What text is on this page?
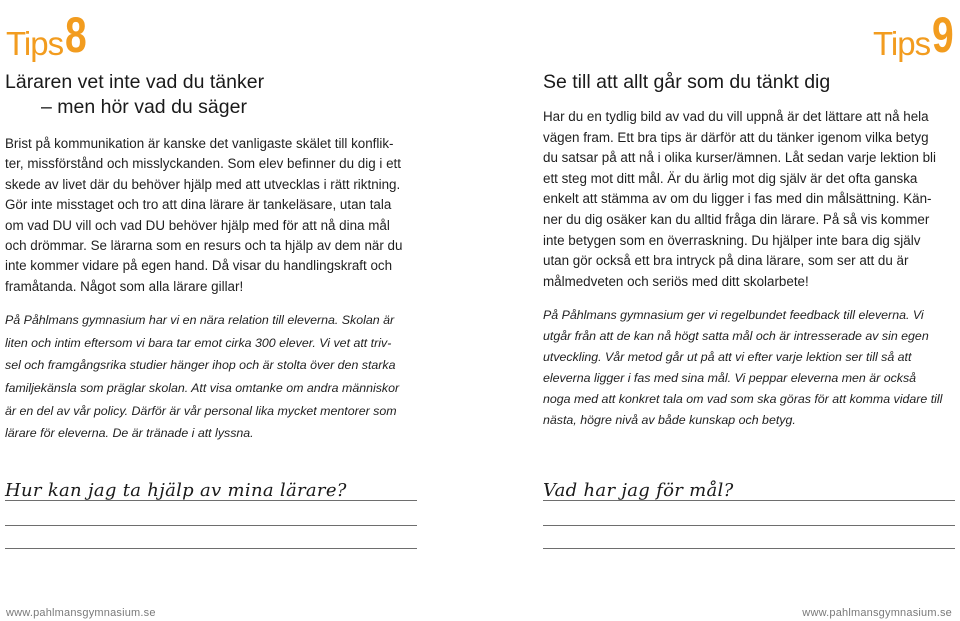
Tips 8	Tips 9
Läraren vet inte vad du tänker
– men hör vad du säger

Brist på kommunikation är kanske det vanligaste skälet till konflik-
ter, missförstånd och misslyckanden. Som elev befinner du dig i ett
skede av livet där du behöver hjälp med att utvecklas i rätt riktning.
Gör inte misstaget och tro att dina lärare är tankeläsare, utan tala
om vad DU vill och vad DU behöver hjälp med för att nå dina mål
och drömmar. Se lärarna som en resurs och ta hjälp av dem när du
inte kommer vidare på egen hand. Då visar du handlingskraft och
framåtanda. Något som alla lärare gillar!

På Påhlmans gymnasium har vi en nära relation till eleverna. Skolan är
liten och intim eftersom vi bara tar emot cirka 300 elever. Vi vet att triv-
sel och framgångsrika studier hänger ihop och är stolta över den starka
familjekänsla som präglar skolan. Att visa omtanke om andra människor
är en del av vår policy. Därför är vår personal lika mycket mentorer som
lärare för eleverna. De är tränade i att lyssna.

Se till att allt går som du tänkt dig

Har du en tydlig bild av vad du vill uppnå är det lättare att nå hela
vägen fram. Ett bra tips är därför att du tänker igenom vilka betyg
du satsar på att nå i olika kurser/ämnen. Låt sedan varje lektion bli
ett steg mot ditt mål. Är du ärlig mot dig själv är det ofta ganska
enkelt att stämma av om du ligger i fas med din målsättning. Kän-
ner du dig osäker kan du alltid fråga din lärare. På så vis kommer
inte betygen som en överraskning. Du hjälper inte bara dig själv
utan gör också ett bra intryck på dina lärare, som ser att du är
målmedveten och seriös med ditt skolarbete!

På Påhlmans gymnasium ger vi regelbundet feedback till eleverna. Vi
utgår från att de kan nå högt satta mål och är intresserade av sin egen
utveckling. Vår metod går ut på att vi efter varje lektion ser till så att
eleverna ligger i fas med sina mål. Vi peppar eleverna men är också
noga med att konkret tala om vad som ska göras för att komma vidare till
nästa, högre nivå av både kunskap och betyg.

Hur kan jag ta hjälp av mina lärare?	Vad har jag för mål?
www.pahlmansgymnasium.se	www.pahlmansgymnasium.se
